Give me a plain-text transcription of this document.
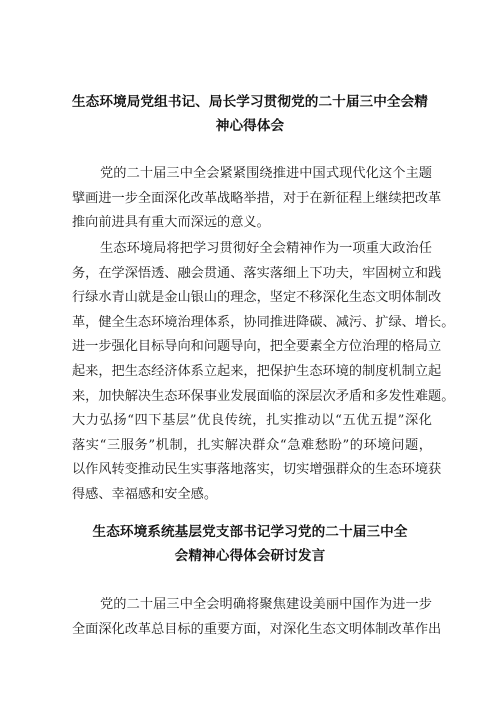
生态环境局党组书记、局长学习贯彻党的二十届三中全会精
神心得体会
党的二十届三中全会紧紧围绕推进中国式现代化这个主题
擘画进一步全面深化改革战略举措，对于在新征程上继续把改革
推向前进具有重大而深远的意义。
生态环境局将把学习贯彻好全会精神作为一项重大政治任
务，在学深悟透、融会贯通、落实落细上下功夫，牢固树立和践
行绿水青山就是金山银山的理念，坚定不移深化生态文明体制改
革，健全生态环境治理体系，协同推进降碳、减污、扩绿、增长。
进一步强化目标导向和问题导向，把全要素全方位治理的格局立
起来，把生态经济体系立起来，把保护生态环境的制度机制立起
来，加快解决生态环保事业发展面临的深层次矛盾和多发性难题。
大力弘扬“四下基层”优良传统，扎实推动以“五优五提”深化
落实“三服务”机制，扎实解决群众“急难愁盼”的环境问题，
以作风转变推动民生实事落地落实，切实增强群众的生态环境获
得感、幸福感和安全感。
生态环境系统基层党支部书记学习党的二十届三中全
会精神心得体会研讨发言
党的二十届三中全会明确将聚焦建设美丽中国作为进一步
全面深化改革总目标的重要方面，对深化生态文明体制改革作出
